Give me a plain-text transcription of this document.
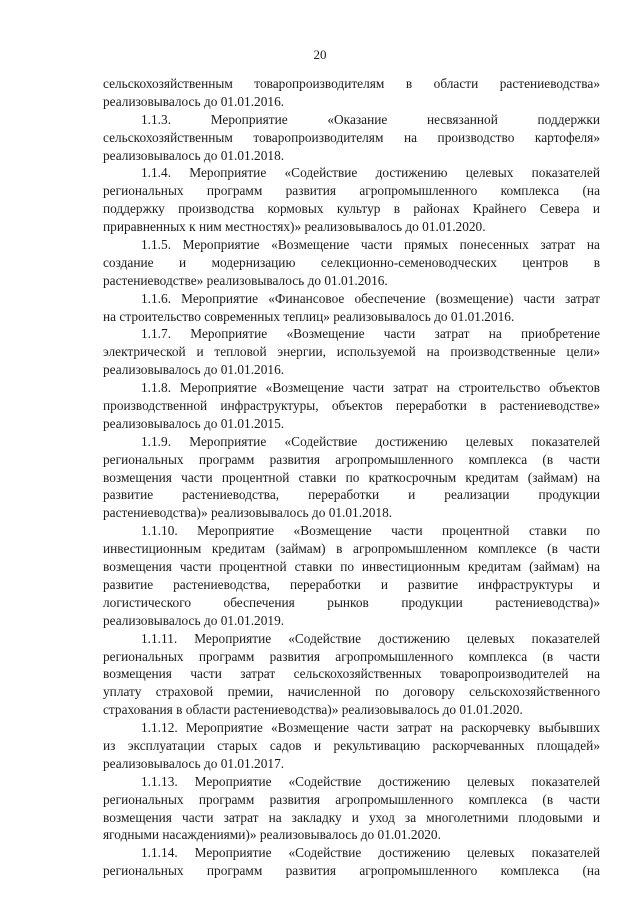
20
сельскохозяйственным товаропроизводителям в области растениеводства»
реализовывалось до 01.01.2016.
1.1.3. Мероприятие «Оказание несвязанной поддержки
сельскохозяйственным товаропроизводителям на производство картофеля»
реализовывалось до 01.01.2018.
1.1.4. Мероприятие «Содействие достижению целевых показателей
региональных программ развития агропромышленного комплекса (на
поддержку производства кормовых культур в районах Крайнего Севера и
приравненных к ним местностях)» реализовывалось до 01.01.2020.
1.1.5. Мероприятие «Возмещение части прямых понесенных затрат на
создание и модернизацию селекционно-семеноводческих центров в
растениеводстве» реализовывалось до 01.01.2016.
1.1.6. Мероприятие «Финансовое обеспечение (возмещение) части затрат
на строительство современных теплиц» реализовывалось до 01.01.2016.
1.1.7. Мероприятие «Возмещение части затрат на приобретение
электрической и тепловой энергии, используемой на производственные цели»
реализовывалось до 01.01.2016.
1.1.8. Мероприятие «Возмещение части затрат на строительство объектов
производственной инфраструктуры, объектов переработки в растениеводстве»
реализовывалось до 01.01.2015.
1.1.9. Мероприятие «Содействие достижению целевых показателей
региональных программ развития агропромышленного комплекса (в части
возмещения части процентной ставки по краткосрочным кредитам (займам) на
развитие растениеводства, переработки и реализации продукции
растениеводства)» реализовывалось до 01.01.2018.
1.1.10. Мероприятие «Возмещение части процентной ставки по
инвестиционным кредитам (займам) в агропромышленном комплексе (в части
возмещения части процентной ставки по инвестиционным кредитам (займам) на
развитие растениеводства, переработки и развитие инфраструктуры и
логистического обеспечения рынков продукции растениеводства)»
реализовывалось до 01.01.2019.
1.1.11. Мероприятие «Содействие достижению целевых показателей
региональных программ развития агропромышленного комплекса (в части
возмещения части затрат сельскохозяйственных товаропроизводителей на
уплату страховой премии, начисленной по договору сельскохозяйственного
страхования в области растениеводства)» реализовывалось до 01.01.2020.
1.1.12. Мероприятие «Возмещение части затрат на раскорчевку выбывших
из эксплуатации старых садов и рекультивацию раскорчеванных площадей»
реализовывалось до 01.01.2017.
1.1.13. Мероприятие «Содействие достижению целевых показателей
региональных программ развития агропромышленного комплекса (в части
возмещения части затрат на закладку и уход за многолетними плодовыми и
ягодными насаждениями)» реализовывалось до 01.01.2020.
1.1.14. Мероприятие «Содействие достижению целевых показателей
региональных программ развития агропромышленного комплекса (на
